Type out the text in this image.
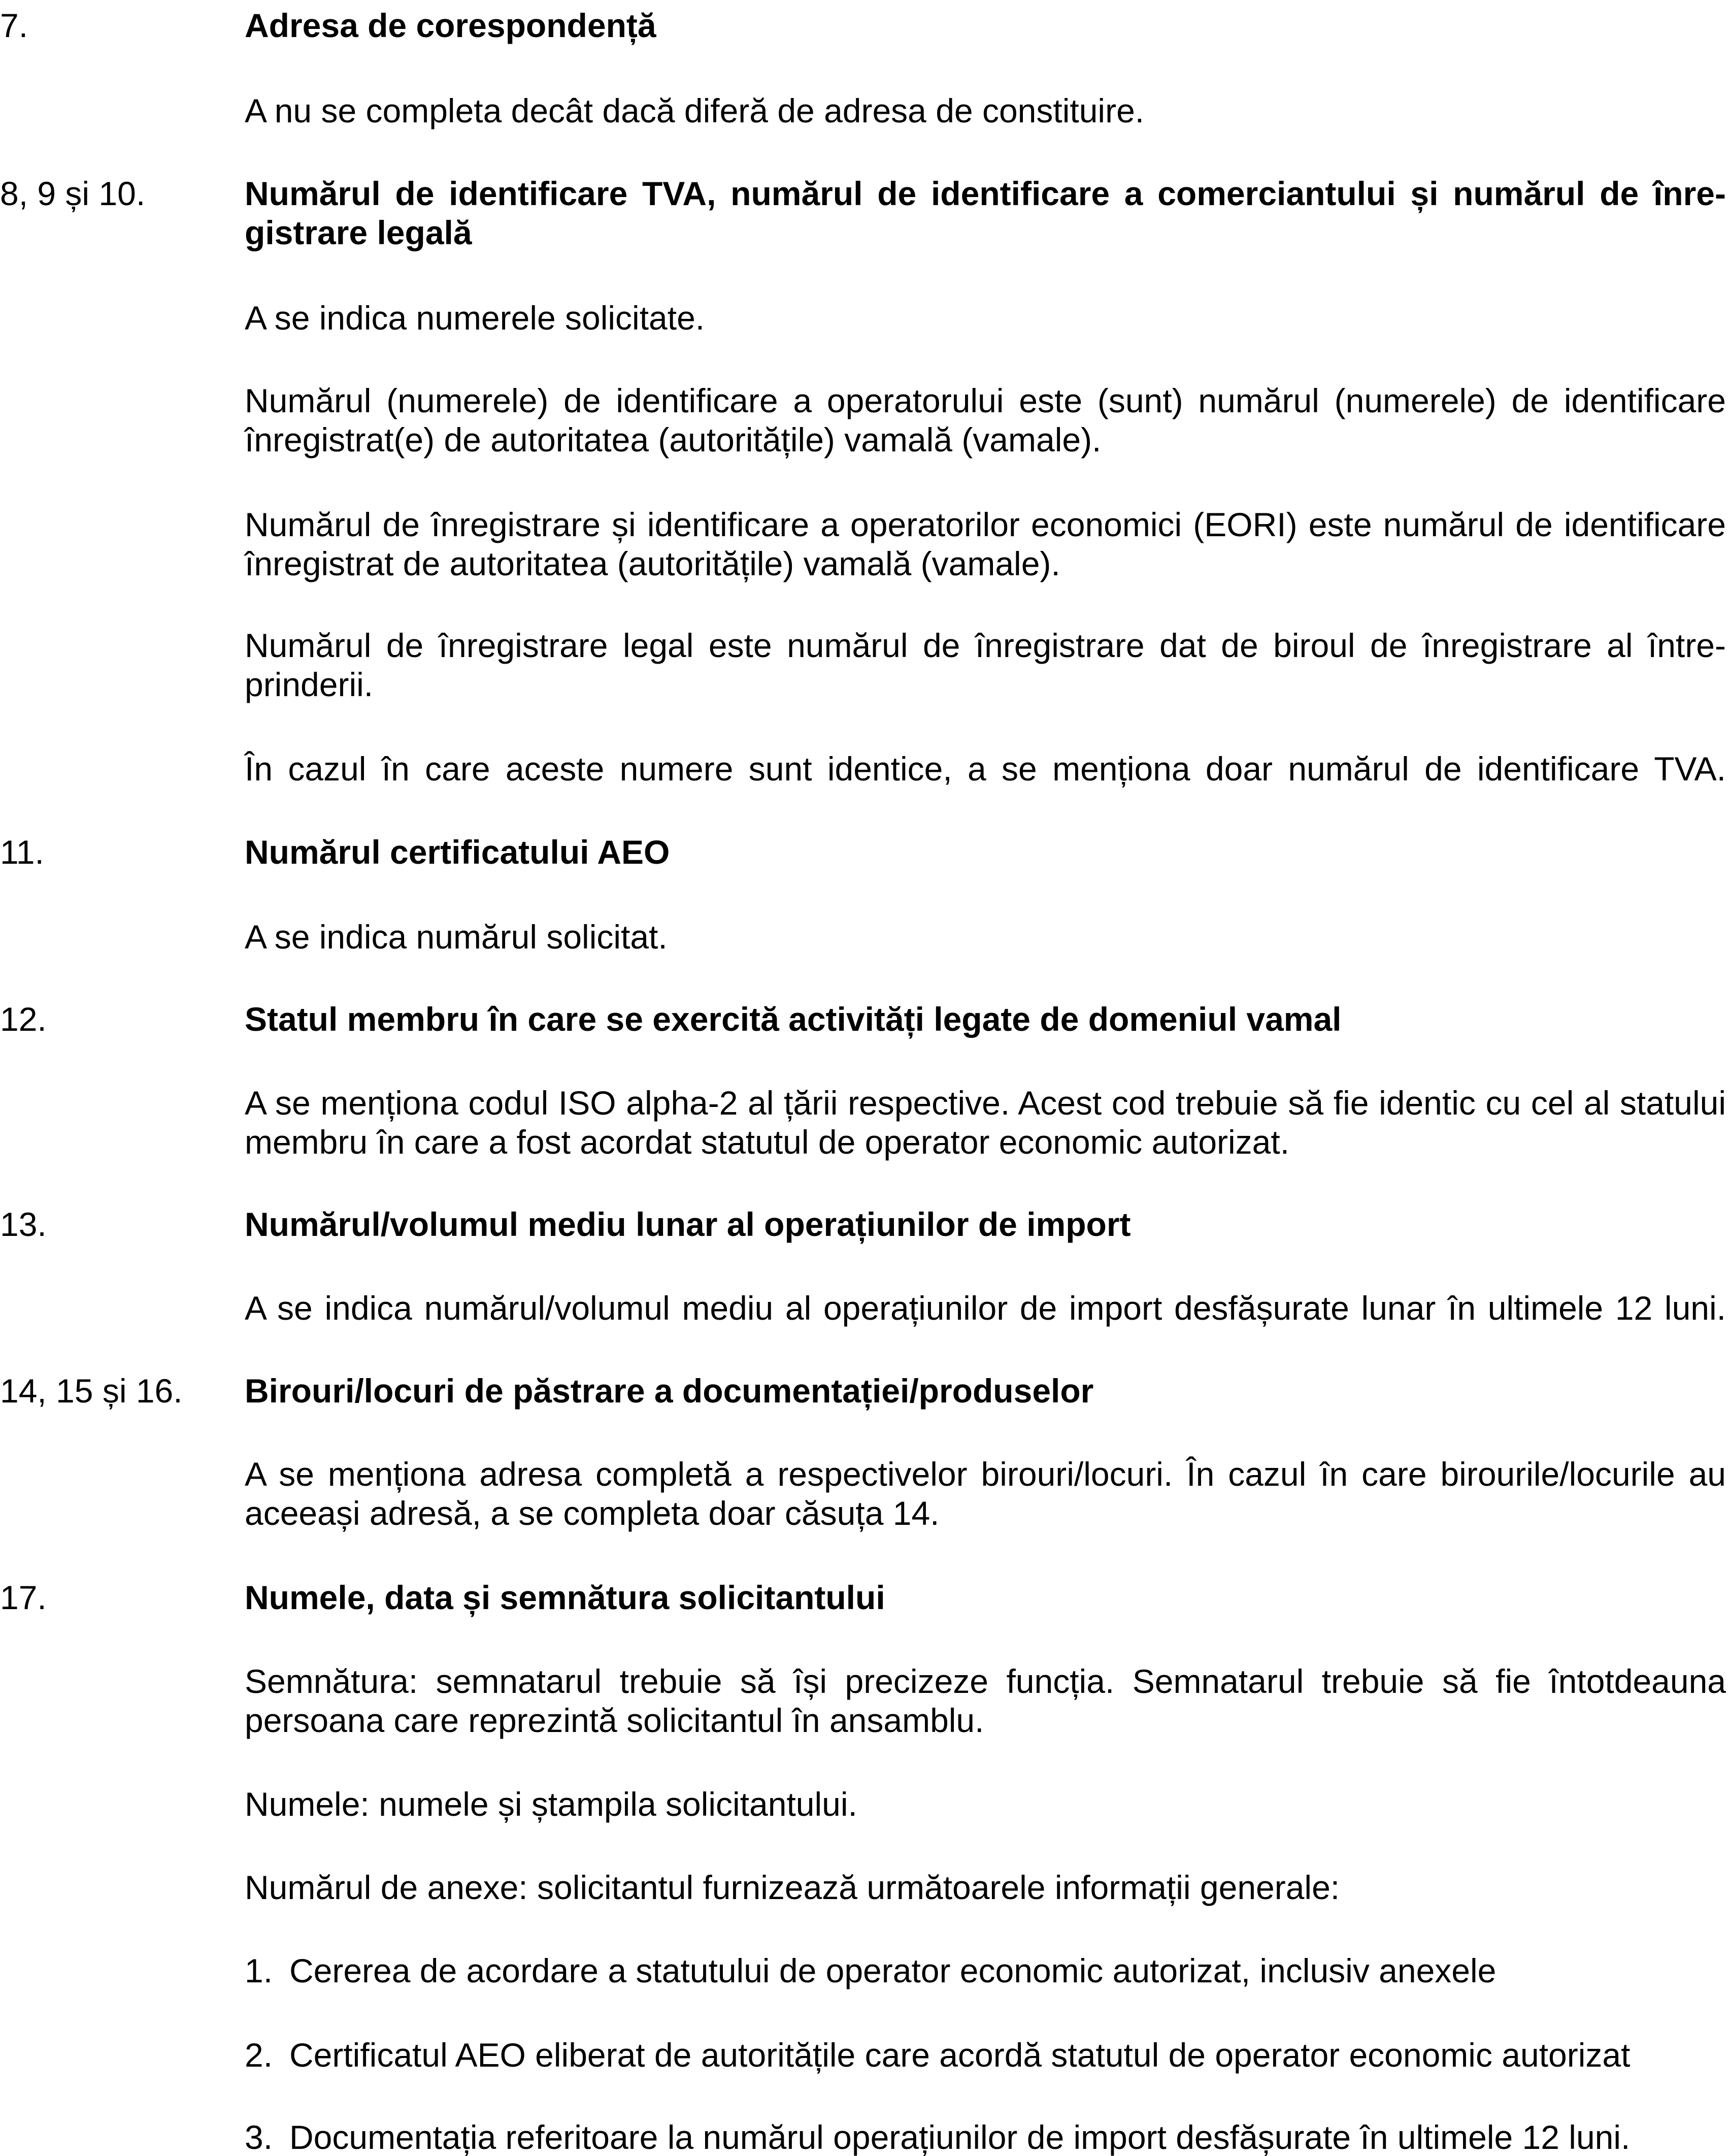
7.	Adresa de corespondență

A nu se completa decât dacă diferă de adresa de constituire.

8, 9 și 10.	Numărul de identificare TVA, numărul de identificare a comerciantului și numărul de înre-

gistrare legală

A se indica numerele solicitate.

Numărul (numerele) de identificare a operatorului este (sunt) numărul (numerele) de identificare

înregistrat(e) de autoritatea (autoritățile) vamală (vamale).

Numărul de înregistrare și identificare a operatorilor economici (EORI) este numărul de identificare

înregistrat de autoritatea (autoritățile) vamală (vamale).

Numărul de înregistrare legal este numărul de înregistrare dat de biroul de înregistrare al între-

prinderii.

În cazul în care aceste numere sunt identice, a se menționa doar numărul de identificare TVA.

11.	Numărul certificatului AEO

A se indica numărul solicitat.

12.	Statul membru în care se exercită activități legate de domeniul vamal

A se menționa codul ISO alpha-2 al țării respective. Acest cod trebuie să fie identic cu cel al statului

membru în care a fost acordat statutul de operator economic autorizat.

13.	Numărul/volumul mediu lunar al operațiunilor de import

A se indica numărul/volumul mediu al operațiunilor de import desfășurate lunar în ultimele 12 luni.

14, 15 și 16. Birouri/locuri de păstrare a documentației/produselor

A se menționa adresa completă a respectivelor birouri/locuri. În cazul în care birourile/locurile au

aceeași adresă, a se completa doar căsuța 14.

17.	Numele, data și semnătura solicitantului

Semnătura: semnatarul trebuie să își precizeze funcția. Semnatarul trebuie să fie întotdeauna

persoana care reprezintă solicitantul în ansamblu.

Numele: numele și ștampila solicitantului.

Numărul de anexe: solicitantul furnizează următoarele informații generale:

1. Cererea de acordare a statutului de operator economic autorizat, inclusiv anexele

2. Certificatul AEO eliberat de autoritățile care acordă statutul de operator economic autorizat

3. Documentația referitoare la numărul operațiunilor de import desfășurate în ultimele 12 luni.
